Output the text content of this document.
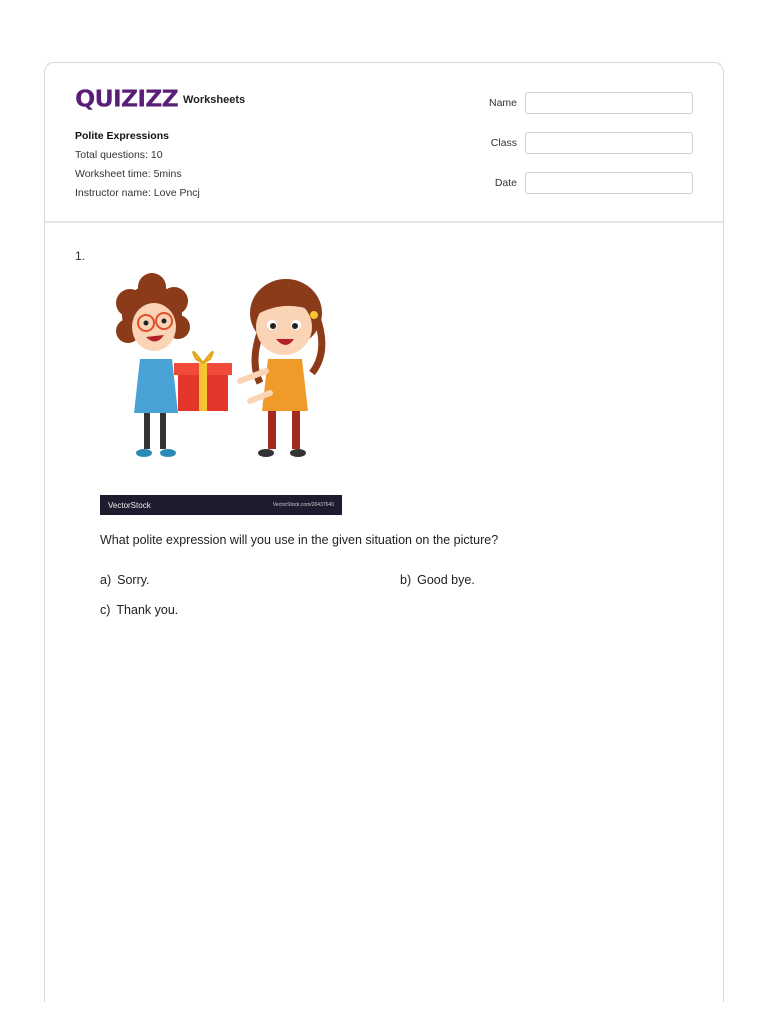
QUIZIZZ Worksheets
Polite Expressions
Total questions: 10
Worksheet time: 5mins
Instructor name: Love Pncj
Name
Class
Date
1.
VectorStock	VectorStock.com/20437640
What polite expression will you use in the given situation on the picture?
a) Sorry.	b) Good bye.
c) Thank you.
